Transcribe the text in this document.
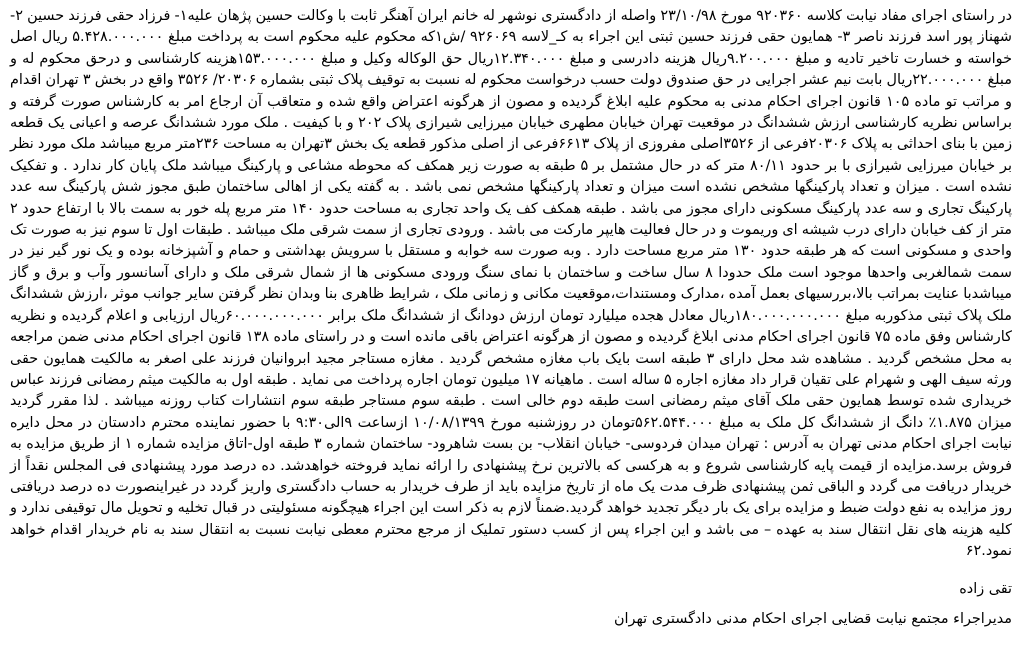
در راستای اجرای مفاد نیابت کلاسه ۹۲۰۳۶۰ مورخ ۲۳/۱۰/۹۸ واصله از دادگستری نوشهر له خانم ایران آهنگر ثابت با وکالت حسین پژهان علیه۱- فرزاد حقی فرزند حسین ۲- شهناز پور اسد فرزند ناصر ۳- همایون حقی فرزند حسین ثبتی این اجراء به کـ_لاسه ۹۲۶۰۶۹ /ش۱که محکوم علیه محکوم است به پرداخت مبلغ ۵.۴۲۸.۰۰۰.۰۰۰ ریال اصل خواسته و خسارت تاخیر تادیه و مبلغ ۹.۲۰۰.۰۰۰ریال هزینه دادرسی و مبلغ ۱۲.۳۴۰.۰۰۰ریال حق الوکاله وکیل و مبلغ ۱۵۳.۰۰۰.۰۰۰هزینه کارشناسی و درحق محکوم له و مبلغ ۲۲.۰۰۰.۰۰۰ریال بابت نیم عشر اجرایی در حق صندوق دولت حسب درخواست محکوم له نسبت به توقیف پلاک ثبتی بشماره ۲۰۳۰۶/ ۳۵۲۶ واقع در بخش ۳ تهران اقدام و مراتب تو ماده ۱۰۵ قانون اجرای احکام مدنی به محکوم علیه ابلاغ گردیده و مصون از هرگونه اعتراض واقع شده و متعاقب آن ارجاع امر به کارشناس صورت گرفته و براساس نظریه کارشناسی ارزش ششدانگ در موقعیت تهران خیابان مطهری خیابان میرزایی شیرازی پلاک ۲۰۲ و با کیفیت . ملک مورد ششدانگ عرصه و اعیانی یک قطعه زمین با بنای احداثی به پلاک ۲۰۳۰۶فرعی از ۳۵۲۶اصلی مفروزی از پلاک ۶۶۱۳فرعی از اصلی مذکور قطعه یک بخش ۳تهران به مساحت ۲۳۶متر مربع میباشد ملک مورد نظر بر خیابان میرزایی شیرازی با بر حدود ۸۰/۱۱ متر که در حال مشتمل بر ۵ طبقه به صورت زیر همکف که محوطه مشاعی و پارکینگ میباشد ملک پایان کار ندارد . و تفکیک نشده است . میزان و تعداد پارکینگها مشخص نشده است میزان و تعداد پارکینگها مشخص نمی باشد . به گفته یکی از اهالی ساختمان طبق مجوز شش پارکینگ سه عدد پارکینگ تجاری و سه عدد پارکینگ مسکونی دارای مجوز می باشد . طبقه همکف کف یک واحد تجاری به مساحت حدود ۱۴۰ متر مربع پله خور به سمت بالا با ارتفاع حدود ۲ متر از کف خیابان دارای درب شیشه ای وریموت و در حال فعالیت هایپر مارکت می باشد . ورودی تجاری از سمت شرقی ملک میباشد . طبقات اول تا سوم نیز به صورت تک واحدی و مسکونی است که هر طبقه حدود ۱۳۰ متر مربع مساحت دارد . وبه صورت سه خوابه و مستقل با سرویش بهداشتی و حمام و آشپزخانه بوده و یک نور گیر نیز در سمت شمالغربی واحدها موجود است ملک حدودا ۸ سال ساخت و ساختمان با نمای سنگ ورودی مسکونی ها از شمال شرقی ملک و دارای آسانسور وآب و برق و گاز میباشدبا عنایت بمراتب بالا،بررسیهای بعمل آمده ،مدارک ومستندات،موقعیت مکانی و زمانی ملک ، شرایط ظاهری بنا وبدان نظر گرفتن سایر جوانب موثر ،ارزش ششدانگ ملک پلاک ثبتی مذکوربه مبلغ ۱۸۰.۰۰۰.۰۰۰.۰۰۰ریال معادل هجده میلیارد تومان ارزش دودانگ از ششدانگ ملک برابر ۶۰.۰۰۰.۰۰۰.۰۰۰ریال ارزیابی و اعلام گردیده و نظریه کارشناس وفق ماده ۷۵ قانون اجرای احکام مدنی ابلاغ گردیده و مصون از هرگونه اعتراض باقی مانده است و در راستای ماده ۱۳۸ قانون اجرای احکام مدنی ضمن مراجعه به محل مشخص گردید . مشاهده شد محل دارای ۳ طبقه است بایک باب مغازه مشخص گردید . مغازه مستاجر مجید ابروانیان فرزند علی اصغر به مالکیت همایون حقی ورثه سیف الهی و شهرام علی تقیان قرار داد مغازه اجاره ۵ ساله است . ماهیانه ۱۷ میلیون تومان اجاره پرداخت می نماید . طبقه اول به مالکیت میثم رمضانی فرزند عباس خریداری شده توسط همایون حقی ملک آقای میثم رمضانی است طبقه دوم خالی است . طبقه سوم مستاجر طبقه سوم انتشارات کتاب روزنه میباشد . لذا مقرر گردید میزان ۱.۸۷۵٪ دانگ از ششدانگ کل ملک به مبلغ ۵۶۲.۵۴۴.۰۰۰تومان در روزشنبه مورخ ۱۰/۰۸/۱۳۹۹ ازساعت ۹الی۹:۳۰ با حضور نماینده محترم دادستان در محل دایره نیابت اجرای احکام مدنی تهران به آدرس : تهران میدان فردوسی- خیابان انقلاب- بن بست شاهرود- ساختمان شماره ۳ طبقه اول-اتاق مزایده شماره ۱ از طریق مزایده به فروش برسد.مزایده از قیمت پایه کارشناسی شروع و به هرکسی که بالاترین نرخ پیشنهادی را ارائه نماید فروخته خواهدشد. ده درصد مورد پیشنهادی فی المجلس نقداً از خریدار دریافت می گردد و الباقی ثمن پیشنهادی ظرف مدت یک ماه از تاریخ مزایده باید از طرف خریدار به حساب دادگستری واریز گردد در غیراینصورت ده درصد دریافتی روز مزایده به نفع دولت ضبط و مزایده برای یک بار دیگر تجدید خواهد گردید.ضمناً لازم به ذکر است این اجراء هیچگونه مسئولیتی در قبال تخلیه و تحویل مال توقیفی ندارد و کلیه هزینه های نقل انتقال سند به عهده – می باشد و این اجراء پس از کسب دستور تملیک از مرجع محترم معطی نیابت نسبت به انتقال سند به نام خریدار اقدام خواهد نمود.۶۲

تقی زاده
مدیراجراء مجتمع نیابت قضایی اجرای احکام مدنی دادگستری تهران
